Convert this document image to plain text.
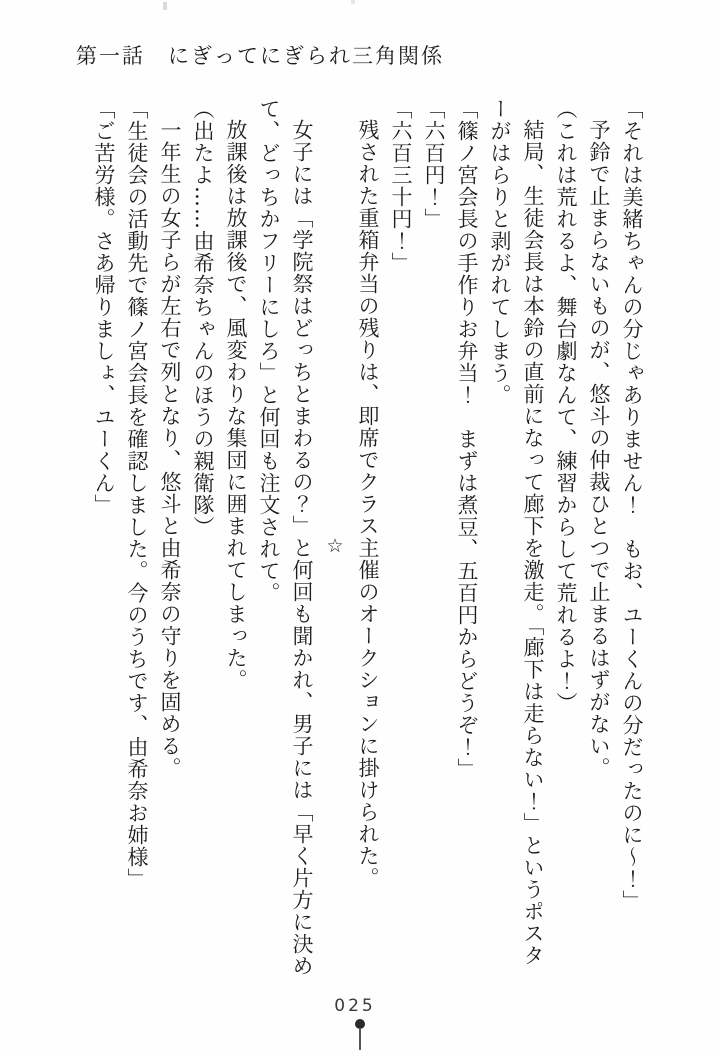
第一話　にぎってにぎられ三角関係
「それは美緒ちゃんの分じゃありません！　もお、ユーくんの分だったのに～！」
予鈴で止まらないものが、悠斗の仲裁ひとつで止まるはずがない。
（これは荒れるよ、舞台劇なんて、練習からして荒れるよ！）
結局、生徒会長は本鈴の直前になって廊下を激走。「廊下は走らない！」というポスタ
ーがはらりと剥がれてしまう。
「篠ノ宮会長の手作りお弁当！　まずは煮豆、五百円からどうぞ！」
「六百円！」
「六百三十円！」
残された重箱弁当の残りは、即席でクラス主催のオークションに掛けられた。
☆
女子には「学院祭はどっちとまわるの？」と何回も聞かれ、男子には「早く片方に決め
て、どっちかフリーにしろ」と何回も注文されて。
放課後は放課後で、風変わりな集団に囲まれてしまった。
（出たよ……由希奈ちゃんのほうの親衛隊）
一年生の女子らが左右で列となり、悠斗と由希奈の守りを固める。
「生徒会の活動先で篠ノ宮会長を確認しました。今のうちです、由希奈お姉様」
「ご苦労様。さあ帰りましょ、ユーくん」
025
